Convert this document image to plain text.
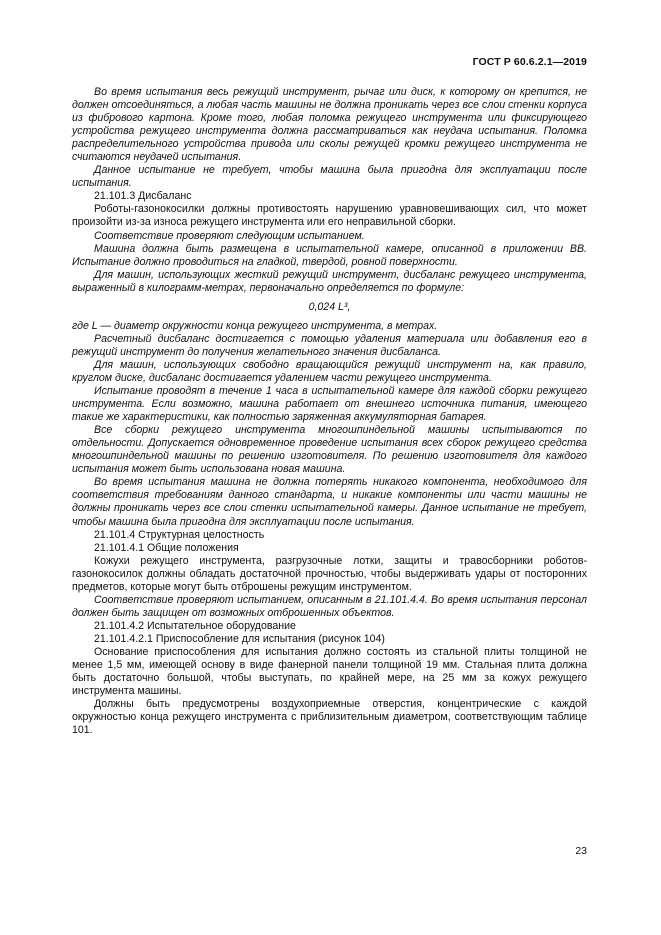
ГОСТ Р 60.6.2.1—2019

Во время испытания весь режущий инструмент, рычаг или диск, к которому он крепится, не должен отсоединяться, а любая часть машины не должна проникать через все слои стенки корпуса из фибрового картона. Кроме того, любая поломка режущего инструмента или фиксирующего устройства режущего инструмента должна рассматриваться как неудача испытания. Поломка распределительного устройства привода или сколы режущей кромки режущего инструмента не считаются неудачей испытания.

Данное испытание не требует, чтобы машина была пригодна для эксплуатации после испытания.

21.101.3 Дисбаланс

Роботы-газонокосилки должны противостоять нарушению уравновешивающих сил, что может произойти из-за износа режущего инструмента или его неправильной сборки.

Соответствие проверяют следующим испытанием.

Машина должна быть размещена в испытательной камере, описанной в приложении ВВ. Испытание должно проводиться на гладкой, твердой, ровной поверхности.

Для машин, использующих жесткий режущий инструмент, дисбаланс режущего инструмента, выраженный в килограмм-метрах, первоначально определяется по формуле:

0,024 L³,

где L — диаметр окружности конца режущего инструмента, в метрах.

Расчетный дисбаланс достигается с помощью удаления материала или добавления его в режущий инструмент до получения желательного значения дисбаланса.

Для машин, использующих свободно вращающийся режущий инструмент на, как правило, круглом диске, дисбаланс достигается удалением части режущего инструмента.

Испытание проводят в течение 1 часа в испытательной камере для каждой сборки режущего инструмента. Если возможно, машина работает от внешнего источника питания, имеющего такие же характеристики, как полностью заряженная аккумуляторная батарея.

Все сборки режущего инструмента многошпиндельной машины испытываются по отдельности. Допускается одновременное проведение испытания всех сборок режущего средства многошпиндельной машины по решению изготовителя. По решению изготовителя для каждого испытания может быть использована новая машина.

Во время испытания машина не должна потерять никакого компонента, необходимого для соответствия требованиям данного стандарта, и никакие компоненты или части машины не должны проникать через все слои стенки испытательной камеры. Данное испытание не требует, чтобы машина была пригодна для эксплуатации после испытания.

21.101.4 Структурная целостность

21.101.4.1 Общие положения

Кожухи режущего инструмента, разгрузочные лотки, защиты и травосборники роботов-газонокосилок должны обладать достаточной прочностью, чтобы выдерживать удары от посторонних предметов, которые могут быть отброшены режущим инструментом.

Соответствие проверяют испытанием, описанным в 21.101.4.4. Во время испытания персонал должен быть защищен от возможных отброшенных объектов.

21.101.4.2 Испытательное оборудование

21.101.4.2.1 Приспособление для испытания (рисунок 104)

Основание приспособления для испытания должно состоять из стальной плиты толщиной не менее 1,5 мм, имеющей основу в виде фанерной панели толщиной 19 мм. Стальная плита должна быть достаточно большой, чтобы выступать, по крайней мере, на 25 мм за кожух режущего инструмента машины.

Должны быть предусмотрены воздухоприемные отверстия, концентрические с каждой окружностью конца режущего инструмента с приблизительным диаметром, соответствующим таблице 101.

23
